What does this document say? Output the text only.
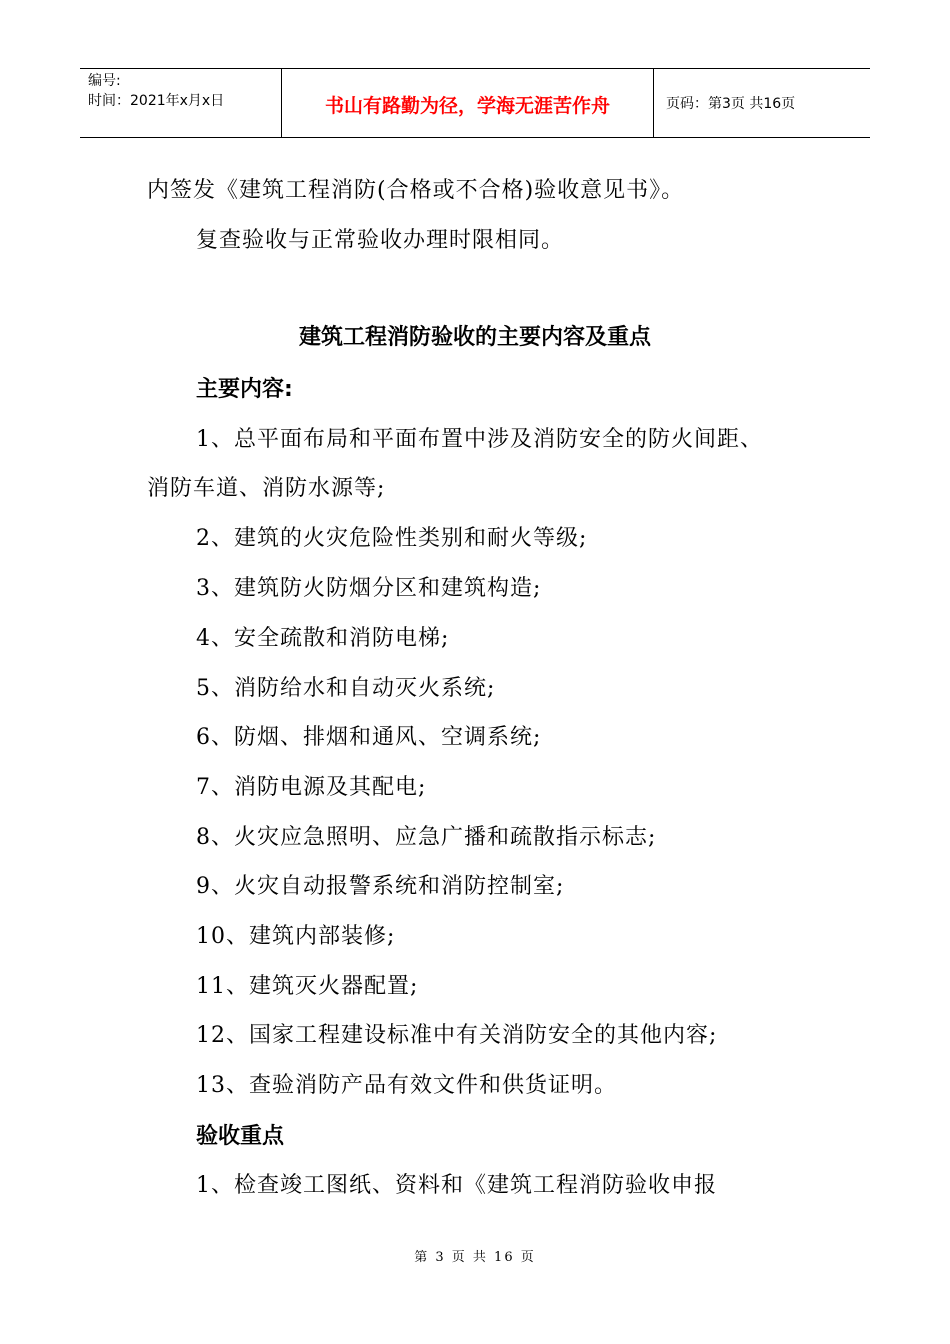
编号:
时间：2021年x月x日	书山有路勤为径，学海无涯苦作舟	页码：第3页 共16页
内签发《建筑工程消防(合格或不合格)验收意见书》。
复查验收与正常验收办理时限相同。
建筑工程消防验收的主要内容及重点
主要内容:
1、总平面布局和平面布置中涉及消防安全的防火间距、
消防车道、消防水源等;
2、建筑的火灾危险性类别和耐火等级;
3、建筑防火防烟分区和建筑构造;
4、安全疏散和消防电梯;
5、消防给水和自动灭火系统;
6、防烟、排烟和通风、空调系统;
7、消防电源及其配电;
8、火灾应急照明、应急广播和疏散指示标志;
9、火灾自动报警系统和消防控制室;
10、建筑内部装修;
11、建筑灭火器配置;
12、国家工程建设标准中有关消防安全的其他内容;
13、查验消防产品有效文件和供货证明。
验收重点
1、检查竣工图纸、资料和《建筑工程消防验收申报
第 3 页 共 16 页
